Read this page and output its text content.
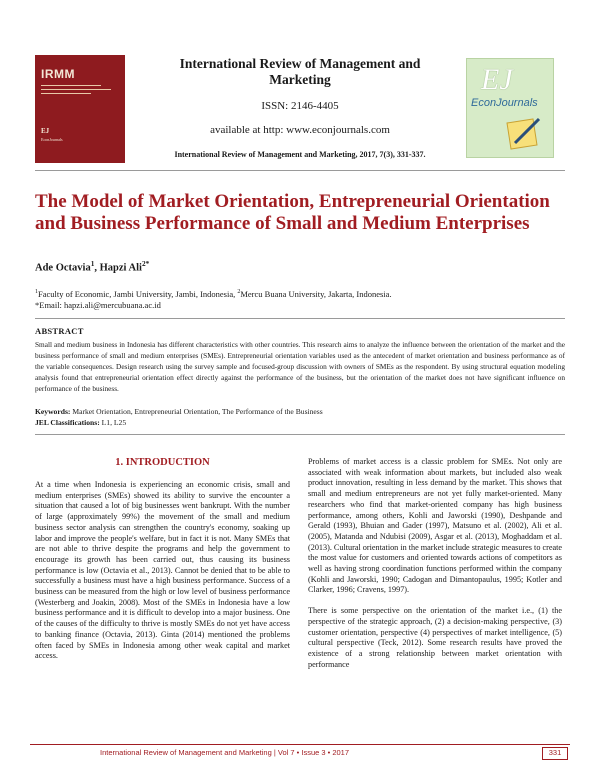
IRMM
EJ
EconJournals
International Review of Management and Marketing
ISSN: 2146-4405
available at http: www.econjournals.com
International Review of Management and Marketing, 2017, 7(3), 331-337.
EJ
EconJournals
The Model of Market Orientation, Entrepreneurial Orientation and Business Performance of Small and Medium Enterprises
Ade Octavia$^1$, Hapzi Ali$^{2*}$
$^1$Faculty of Economic, Jambi University, Jambi, Indonesia, $^2$Mercu Buana University, Jakarta, Indonesia.
*Email: hapzi.ali@mercubuana.ac.id
ABSTRACT
Small and medium business in Indonesia has different characteristics with other countries. This research aims to analyze the influence between the orientation of the market and the business performance of small and medium enterprises (SMEs). Entrepreneurial orientation variables used as the antecedent of market orientation and business performance as of the variable consequences. Design research using the survey sample and focused-group discussion with owners of SMEs as the respondent. By using structural equation modeling analysis found that entrepreneurial orientation effect directly against the performance of the business, but the orientation of the market does not have significant influence on performance of the business.
Keywords: Market Orientation, Entrepreneurial Orientation, The Performance of the Business
JEL Classifications: L1, L25
1. INTRODUCTION
At a time when Indonesia is experiencing an economic crisis, small and medium enterprises (SMEs) showed its ability to survive the encounter a situation that caused a lot of big businesses went bankrupt. With the number of large (approximately 99%) the movement of the small and medium business sector analysis can strengthen the country's economy, soaking up labor and improve the people's welfare, but in fact it is not. Many SMEs that are not able to thrive despite the programs and help the government to encourage its growth has been carried out, thus causing its business performance is low (Octavia et al., 2013). Cannot be denied that to be able to successfully a business must have a high business performance. Success of a business can be measured from the high or low level of business performance (Westerberg and Joakin, 2008). Most of the SMEs in Indonesia have a low business performance and it is difficult to develop into a major business. One of the causes of the difficulty to thrive is mostly SMEs do not yet have access to banking finance (Octavia, 2013). Ginta (2014) mentioned the problems often faced by SMEs in Indonesia among other weak capital and market access.

Problems of market access is a classic problem for SMEs. Not only are associated with weak information about markets, but included also weak product innovation, resulting in less demand by the market. This shows that small and medium entrepreneurs are not yet fully market-oriented. Many researchers who find that market-oriented company has high business performance, among others, Kohli and Jaworski (1990), Deshpande and Gerald (1993), Bhuian and Gader (1997), Matsuno et al. (2002), Ali et al. (2005), Matanda and Ndubisi (2009), Asgar et al. (2013), Moghaddam et al. (2013). Cultural orientation in the market include strategic measures to create the most value for customers and oriented towards actions of competitors as well as having strong coordination functions performed within the company (Kohli and Jaworski, 1990; Cadogan and Dimantopaulus, 1995; Kotler and Clarker, 1996; Cravens, 1997).

There is some perspective on the orientation of the market i.e., (1) the perspective of the strategic approach, (2) a decision-making perspective, (3) customer orientation, perspective (4) perspectives of market intelligence, (5) cultural perspective (Teck, 2012). Some research results have proved the existence of a strong relationship between market orientation with performance

International Review of Management and Marketing | Vol 7 • Issue 3 • 2017	331
